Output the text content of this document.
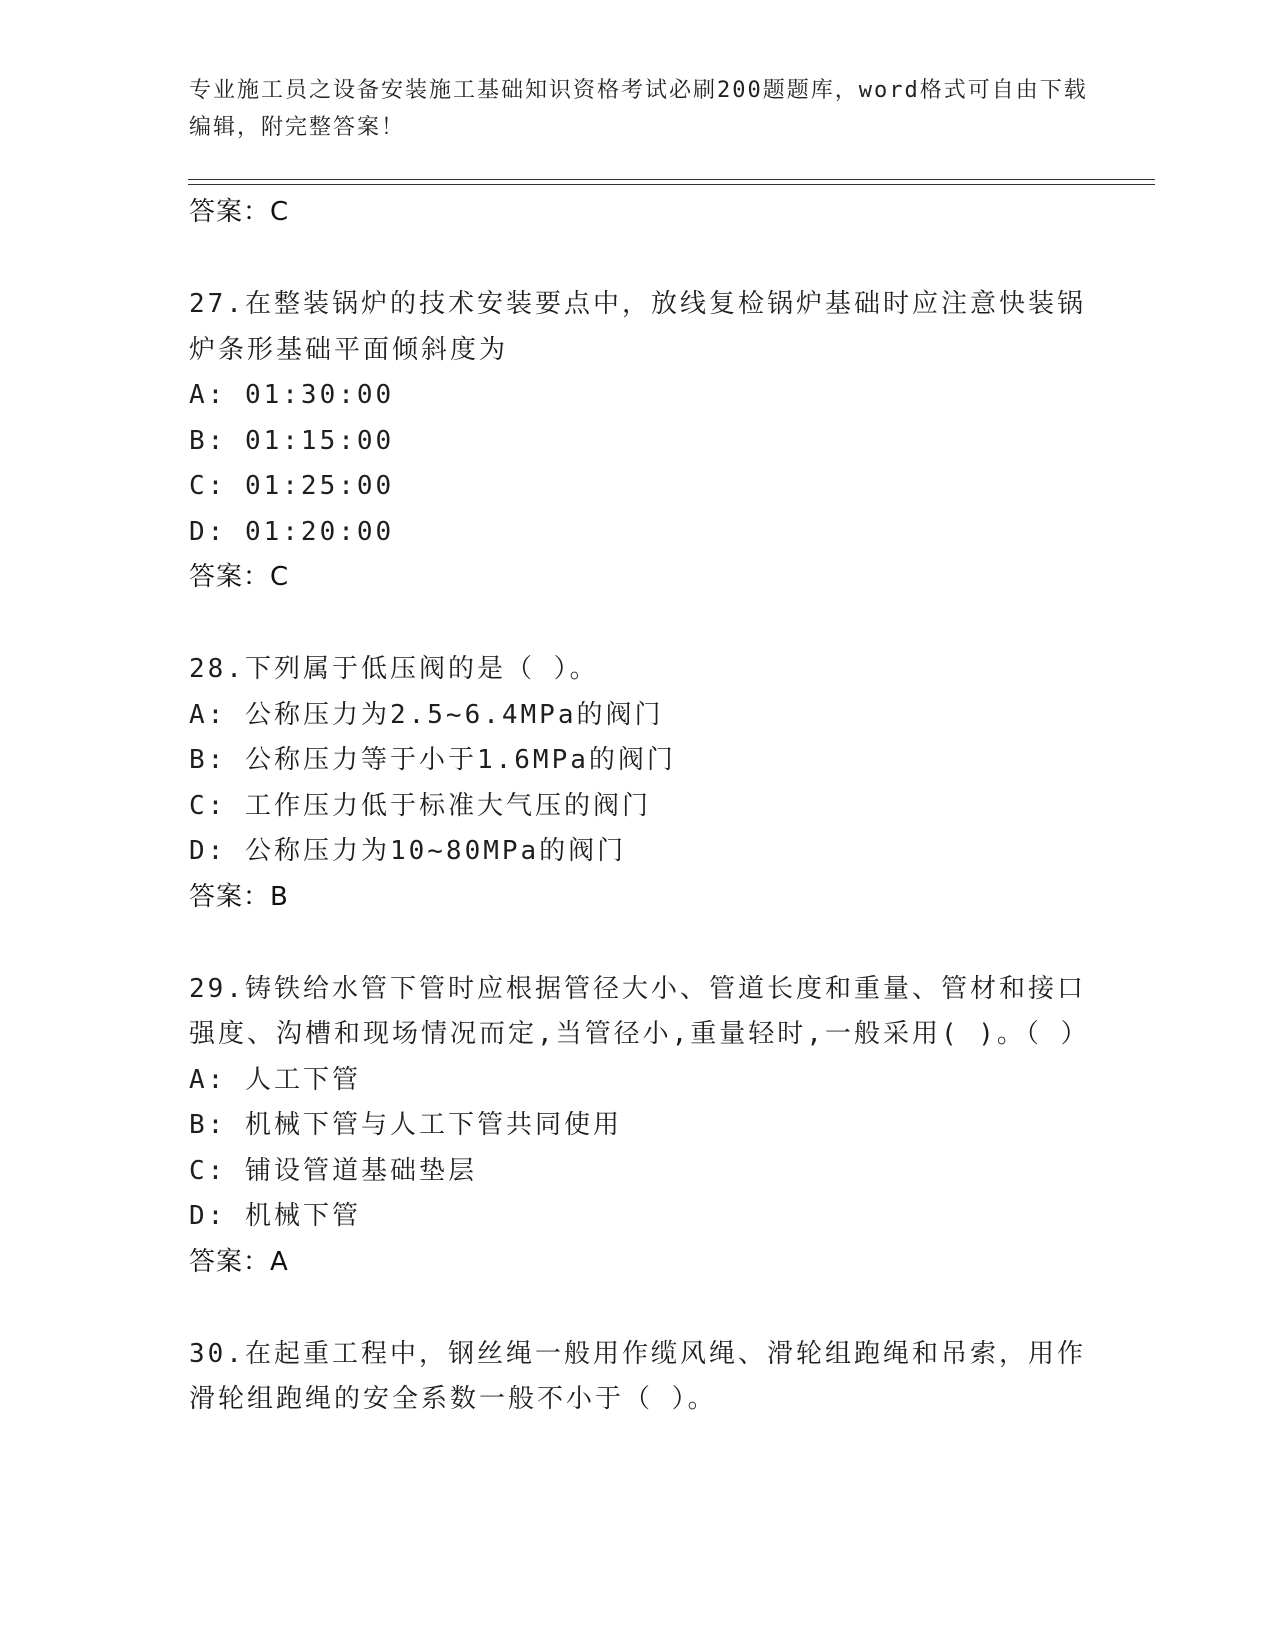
专业施工员之设备安装施工基础知识资格考试必刷200题题库，word格式可自由下载编辑，附完整答案！
答案：C
27.在整装锅炉的技术安装要点中，放线复检锅炉基础时应注意快装锅炉条形基础平面倾斜度为
A: 01:30:00
B: 01:15:00
C: 01:25:00
D: 01:20:00
答案：C
28.下列属于低压阀的是（ ）。
A: 公称压力为2.5~6.4MPa的阀门
B: 公称压力等于小于1.6MPa的阀门
C: 工作压力低于标准大气压的阀门
D: 公称压力为10~80MPa的阀门
答案：B
29.铸铁给水管下管时应根据管径大小、管道长度和重量、管材和接口强度、沟槽和现场情况而定,当管径小,重量轻时,一般采用( )。（ ）
A: 人工下管
B: 机械下管与人工下管共同使用
C: 铺设管道基础垫层
D: 机械下管
答案：A
30.在起重工程中，钢丝绳一般用作缆风绳、滑轮组跑绳和吊索，用作滑轮组跑绳的安全系数一般不小于（ ）。
